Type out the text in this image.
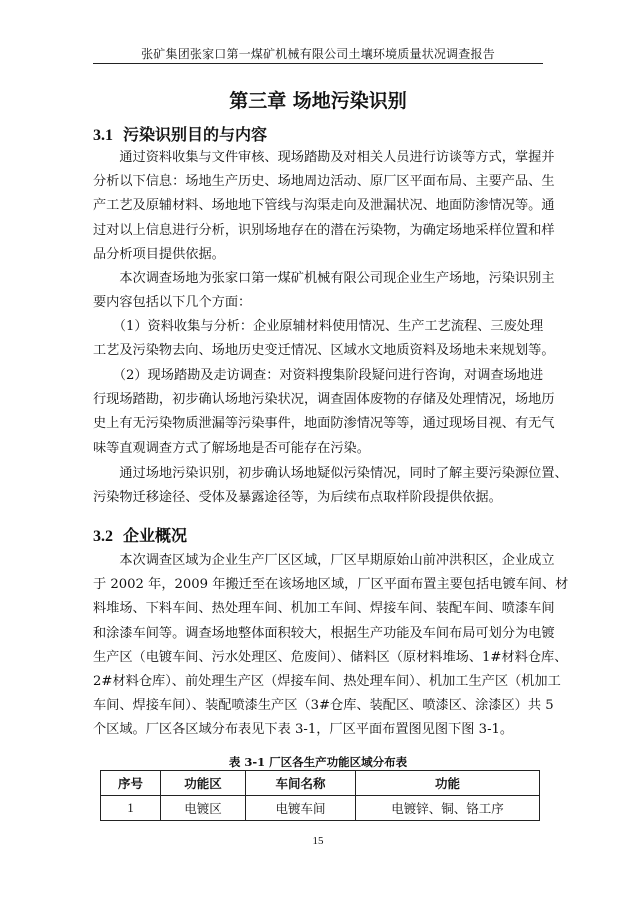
张矿集团张家口第一煤矿机械有限公司土壤环境质量状况调查报告
第三章 场地污染识别
3.1 污染识别目的与内容
　　通过资料收集与文件审核、现场踏勘及对相关人员进行访谈等方式，掌握并
分析以下信息：场地生产历史、场地周边活动、原厂区平面布局、主要产品、生
产工艺及原辅材料、场地地下管线与沟渠走向及泄漏状况、地面防渗情况等。通
过对以上信息进行分析，识别场地存在的潜在污染物，为确定场地采样位置和样
品分析项目提供依据。
　　本次调查场地为张家口第一煤矿机械有限公司现企业生产场地，污染识别主
要内容包括以下几个方面：
　　（1）资料收集与分析：企业原辅材料使用情况、生产工艺流程、三废处理
工艺及污染物去向、场地历史变迁情况、区域水文地质资料及场地未来规划等。
　　（2）现场踏勘及走访调查：对资料搜集阶段疑问进行咨询，对调查场地进
行现场踏勘，初步确认场地污染状况，调查固体废物的存储及处理情况，场地历
史上有无污染物质泄漏等污染事件，地面防渗情况等等，通过现场目视、有无气
味等直观调查方式了解场地是否可能存在污染。
　　通过场地污染识别，初步确认场地疑似污染情况，同时了解主要污染源位置、
污染物迁移途径、受体及暴露途径等，为后续布点取样阶段提供依据。
3.2 企业概况
　　本次调查区域为企业生产厂区区域，厂区早期原始山前冲洪积区，企业成立
于 2002 年，2009 年搬迁至在该场地区域，厂区平面布置主要包括电镀车间、材
料堆场、下料车间、热处理车间、机加工车间、焊接车间、装配车间、喷漆车间
和涂漆车间等。调查场地整体面积较大，根据生产功能及车间布局可划分为电镀
生产区（电镀车间、污水处理区、危废间）、储料区（原材料堆场、1#材料仓库、
2#材料仓库）、前处理生产区（焊接车间、热处理车间）、机加工生产区（机加工
车间、焊接车间）、装配喷漆生产区（3#仓库、装配区、喷漆区、涂漆区）共 5
个区域。厂区各区域分布表见下表 3-1，厂区平面布置图见图下图 3-1。
表 3-1 厂区各生产功能区域分布表
序号	功能区	车间名称	功能
1	电镀区	电镀车间	电镀锌、铜、铬工序
15
